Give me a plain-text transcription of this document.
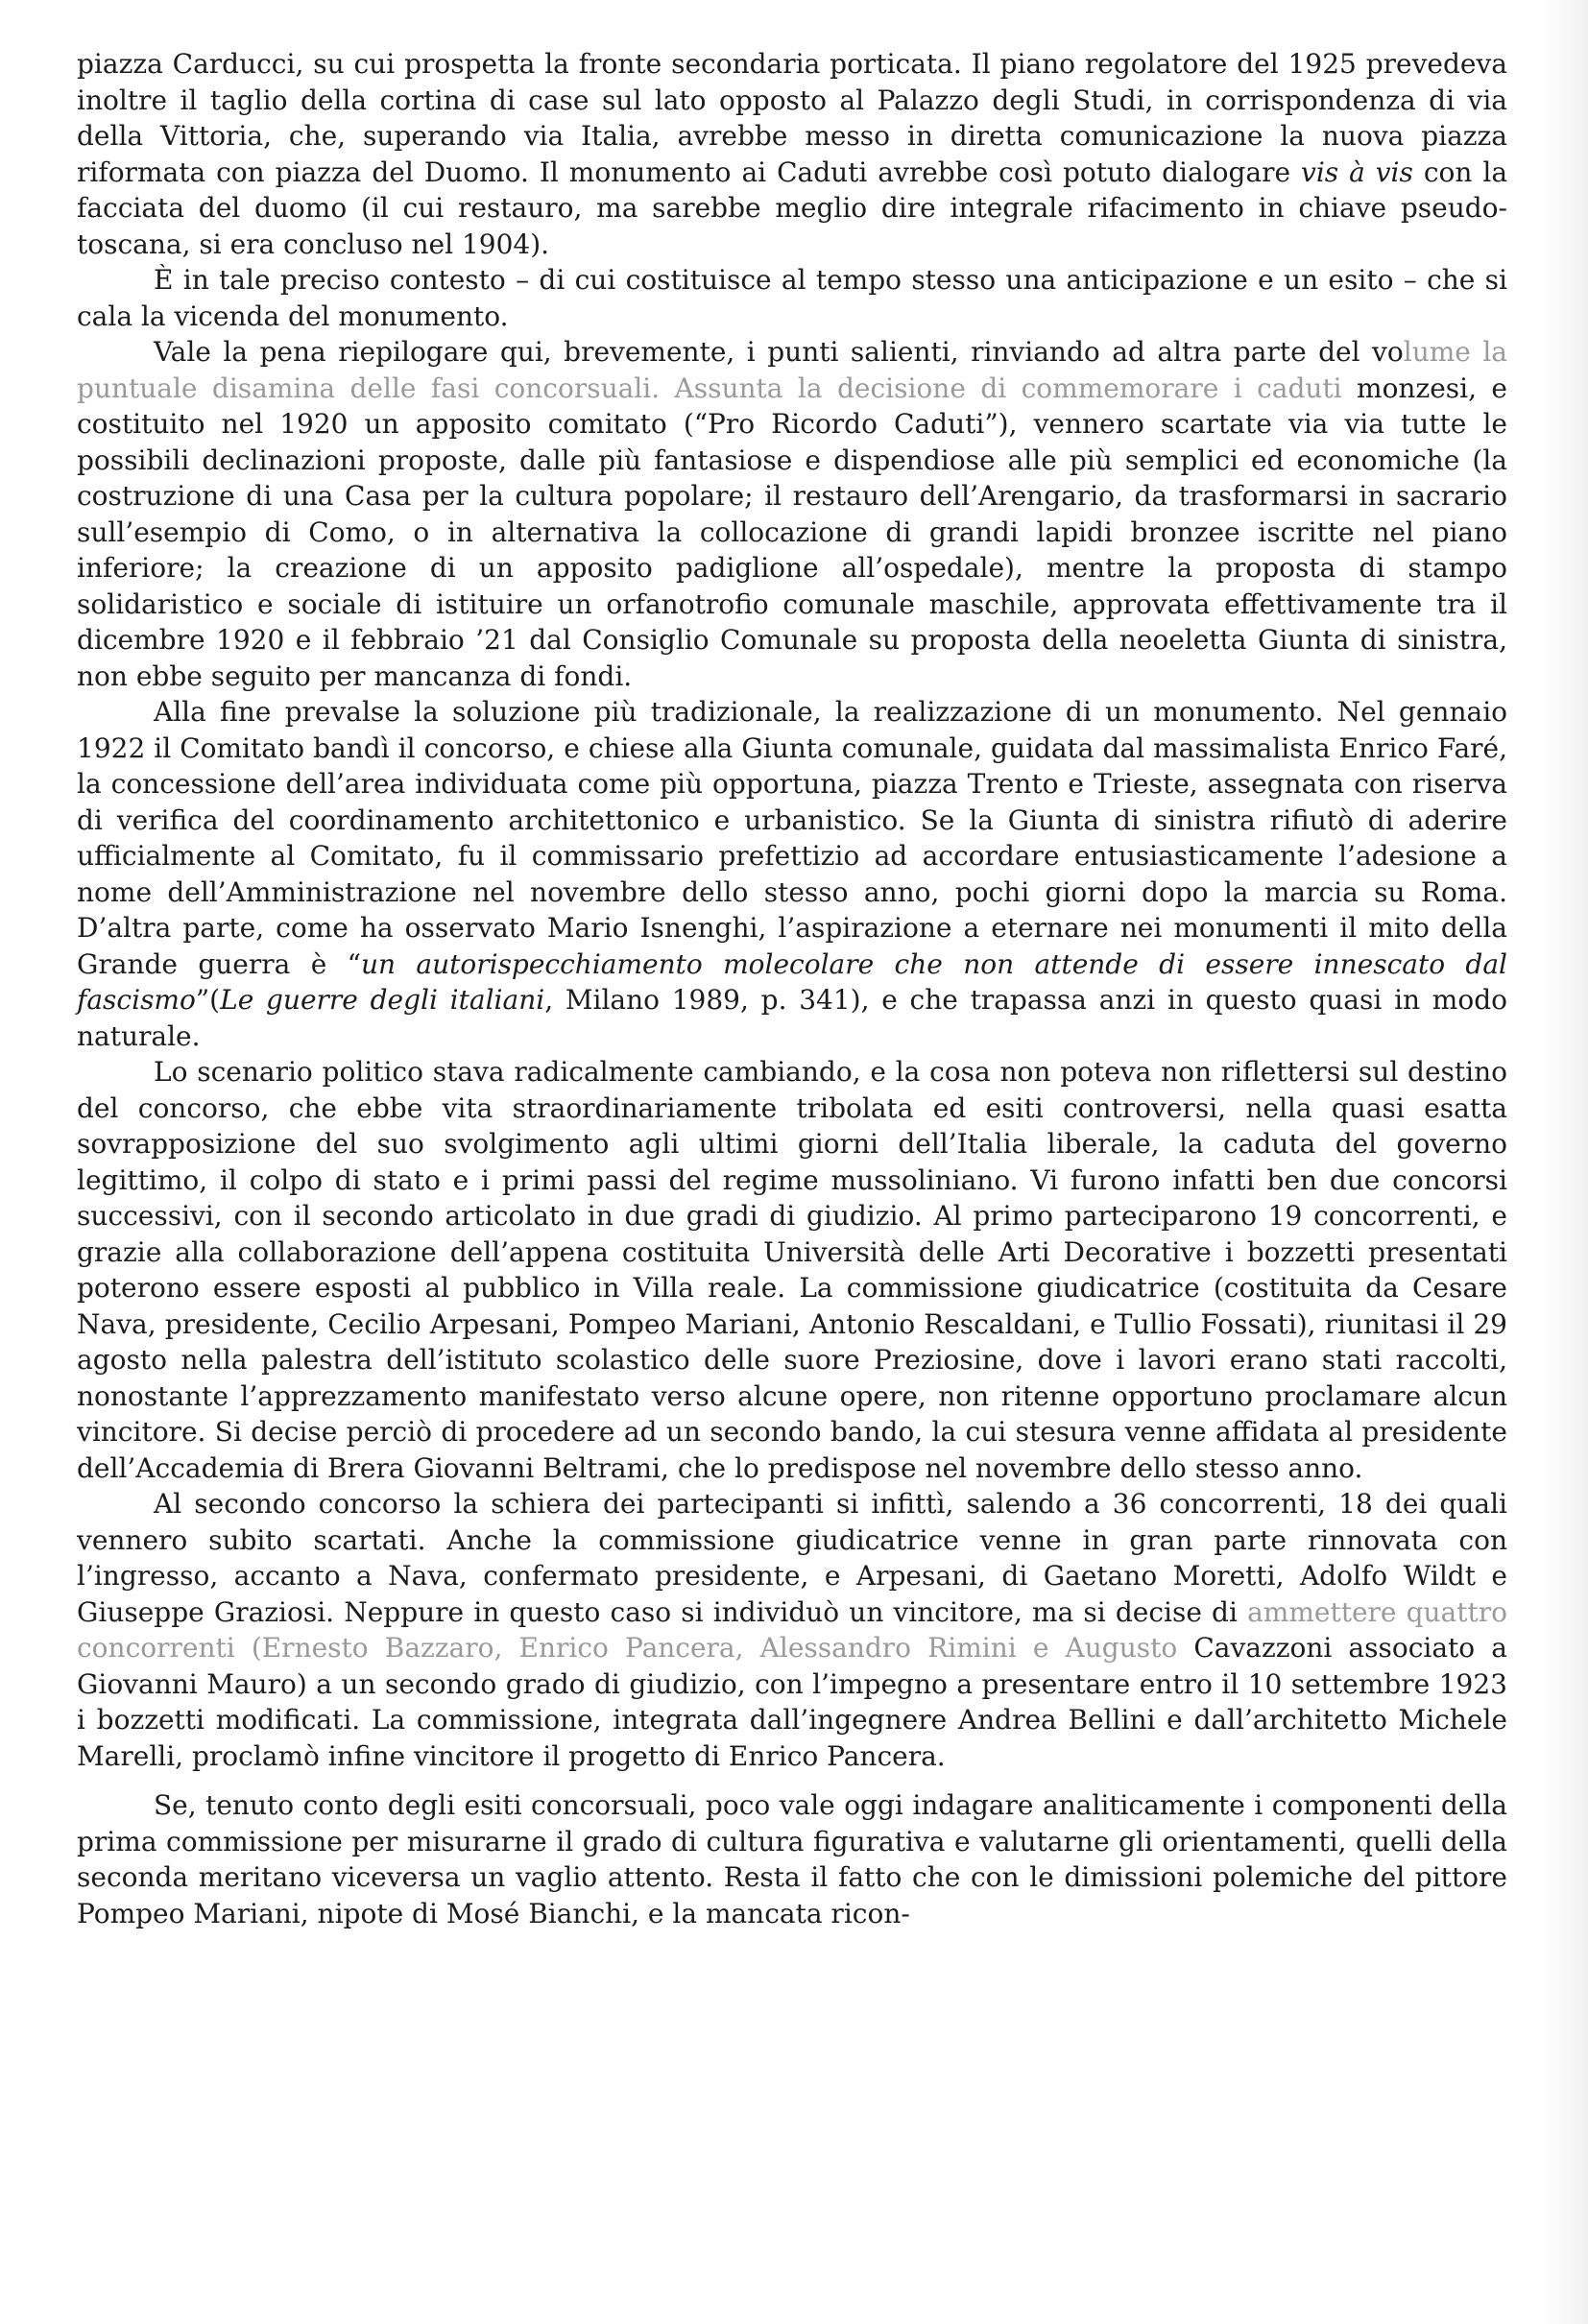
piazza Carducci, su cui prospetta la fronte secondaria porticata. Il piano regolatore del 1925 prevedeva inoltre il taglio della cortina di case sul lato opposto al Palazzo degli Studi, in corrispondenza di via della Vittoria, che, superando via Italia, avrebbe messo in diretta comunicazione la nuova piazza riformata con piazza del Duomo. Il monumento ai Caduti avrebbe così potuto dialogare vis à vis con la facciata del duomo (il cui restauro, ma sarebbe meglio dire integrale rifacimento in chiave pseudo-toscana, si era concluso nel 1904).

È in tale preciso contesto – di cui costituisce al tempo stesso una anticipazione e un esito – che si cala la vicenda del monumento.

Vale la pena riepilogare qui, brevemente, i punti salienti, rinviando ad altra parte del volume la puntuale disamina delle fasi concorsuali. Assunta la decisione di commemorare i caduti monzesi, e costituito nel 1920 un apposito comitato (“Pro Ricordo Caduti”), vennero scartate via via tutte le possibili declinazioni proposte, dalle più fantasiose e dispendiose alle più semplici ed economiche (la costruzione di una Casa per la cultura popolare; il restauro dell’Arengario, da trasformarsi in sacrario sull’esempio di Como, o in alternativa la collocazione di grandi lapidi bronzee iscritte nel piano inferiore; la creazione di un apposito padiglione all’ospedale), mentre la proposta di stampo solidaristico e sociale di istituire un orfanotrofio comunale maschile, approvata effettivamente tra il dicembre 1920 e il febbraio ’21 dal Consiglio Comunale su proposta della neoeletta Giunta di sinistra, non ebbe seguito per mancanza di fondi.

Alla fine prevalse la soluzione più tradizionale, la realizzazione di un monumento. Nel gennaio 1922 il Comitato bandì il concorso, e chiese alla Giunta comunale, guidata dal massimalista Enrico Faré, la concessione dell’area individuata come più opportuna, piazza Trento e Trieste, assegnata con riserva di verifica del coordinamento architettonico e urbanistico. Se la Giunta di sinistra rifiutò di aderire ufficialmente al Comitato, fu il commissario prefettizio ad accordare entusiasticamente l’adesione a nome dell’Amministrazione nel novembre dello stesso anno, pochi giorni dopo la marcia su Roma. D’altra parte, come ha osservato Mario Isnenghi, l’aspirazione a eternare nei monumenti il mito della Grande guerra è “un autorispecchiamento molecolare che non attende di essere innescato dal fascismo”(Le guerre degli italiani, Milano 1989, p. 341), e che trapassa anzi in questo quasi in modo naturale.

Lo scenario politico stava radicalmente cambiando, e la cosa non poteva non riflettersi sul destino del concorso, che ebbe vita straordinariamente tribolata ed esiti controversi, nella quasi esatta sovrapposizione del suo svolgimento agli ultimi giorni dell’Italia liberale, la caduta del governo legittimo, il colpo di stato e i primi passi del regime mussoliniano. Vi furono infatti ben due concorsi successivi, con il secondo articolato in due gradi di giudizio. Al primo parteciparono 19 concorrenti, e grazie alla collaborazione dell’appena costituita Università delle Arti Decorative i bozzetti presentati poterono essere esposti al pubblico in Villa reale. La commissione giudicatrice (costituita da Cesare Nava, presidente, Cecilio Arpesani, Pompeo Mariani, Antonio Rescaldani, e Tullio Fossati), riunitasi il 29 agosto nella palestra dell’istituto scolastico delle suore Preziosine, dove i lavori erano stati raccolti, nonostante l’apprezzamento manifestato verso alcune opere, non ritenne opportuno proclamare alcun vincitore. Si decise perciò di procedere ad un secondo bando, la cui stesura venne affidata al presidente dell’Accademia di Brera Giovanni Beltrami, che lo predispose nel novembre dello stesso anno.

Al secondo concorso la schiera dei partecipanti si infittì, salendo a 36 concorrenti, 18 dei quali vennero subito scartati. Anche la commissione giudicatrice venne in gran parte rinnovata con l’ingresso, accanto a Nava, confermato presidente, e Arpesani, di Gaetano Moretti, Adolfo Wildt e Giuseppe Graziosi. Neppure in questo caso si individuò un vincitore, ma si decise di ammettere quattro concorrenti (Ernesto Bazzaro, Enrico Pancera, Alessandro Rimini e Augusto Cavazzoni associato a Giovanni Mauro) a un secondo grado di giudizio, con l’impegno a presentare entro il 10 settembre 1923 i bozzetti modificati. La commissione, integrata dall’ingegnere Andrea Bellini e dall’architetto Michele Marelli, proclamò infine vincitore il progetto di Enrico Pancera.

Se, tenuto conto degli esiti concorsuali, poco vale oggi indagare analiticamente i componenti della prima commissione per misurarne il grado di cultura figurativa e valutarne gli orientamenti, quelli della seconda meritano viceversa un vaglio attento. Resta il fatto che con le dimissioni polemiche del pittore Pompeo Mariani, nipote di Mosé Bianchi, e la mancata ricon-
